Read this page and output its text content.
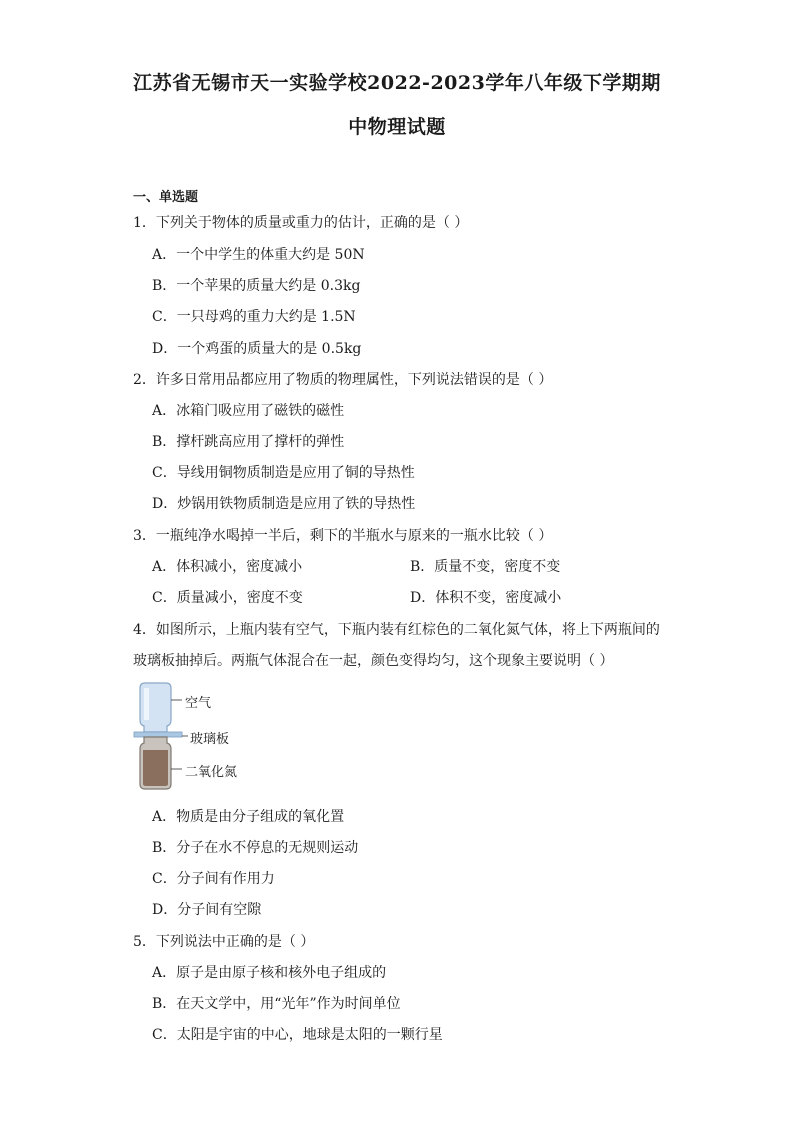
江苏省无锡市天一实验学校2022-2023学年八年级下学期期
中物理试题
一、单选题
1．下列关于物体的质量或重力的估计，正确的是（ ）
A．一个中学生的体重大约是 50N
B．一个苹果的质量大约是 0.3kg
C．一只母鸡的重力大约是 1.5N
D．一个鸡蛋的质量大的是 0.5kg
2．许多日常用品都应用了物质的物理属性，下列说法错误的是（ ）
A．冰箱门吸应用了磁铁的磁性
B．撑杆跳高应用了撑杆的弹性
C．导线用铜物质制造是应用了铜的导热性
D．炒锅用铁物质制造是应用了铁的导热性
3．一瓶纯净水喝掉一半后，剩下的半瓶水与原来的一瓶水比较（ ）
A．体积减小，密度减小	B．质量不变，密度不变
C．质量减小，密度不变	D．体积不变，密度减小
4．如图所示，上瓶内装有空气，下瓶内装有红棕色的二氧化氮气体，将上下两瓶间的
玻璃板抽掉后。两瓶气体混合在一起，颜色变得均匀，这个现象主要说明（ ）
空气
玻璃板
二氧化氮
A．物质是由分子组成的氧化置
B．分子在水不停息的无规则运动
C．分子间有作用力
D．分子间有空隙
5．下列说法中正确的是（ ）
A．原子是由原子核和核外电子组成的
B．在天文学中，用“光年”作为时间单位
C．太阳是宇宙的中心，地球是太阳的一颗行星
